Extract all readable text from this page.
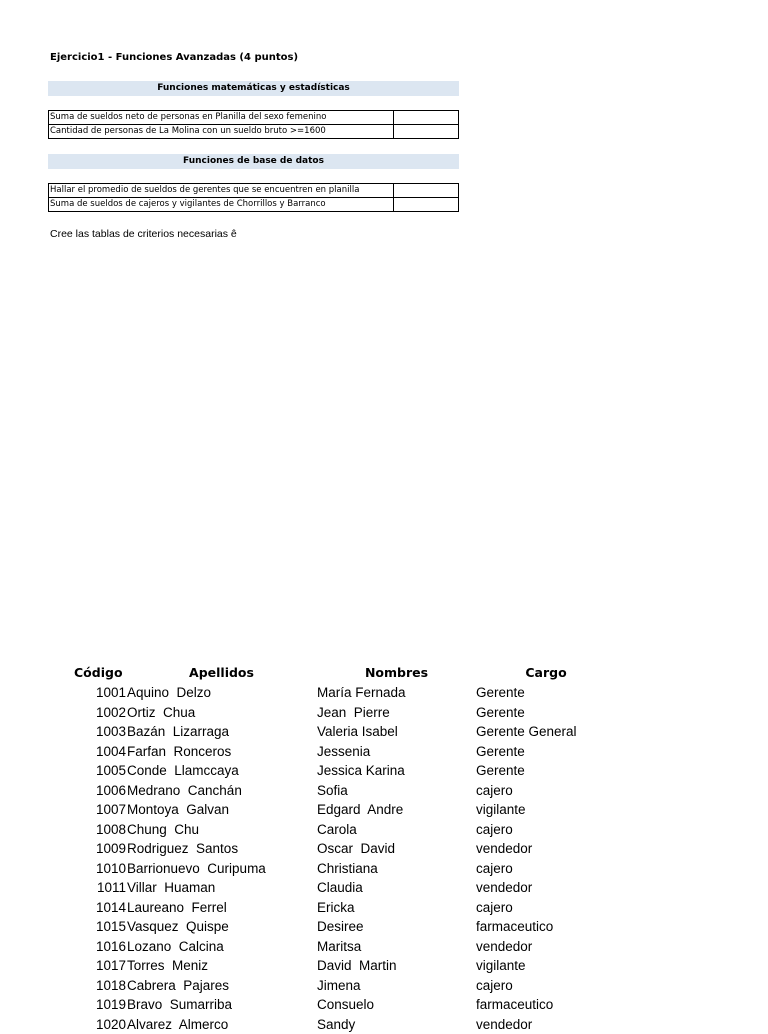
Ejercicio1 - Funciones Avanzadas (4 puntos)
Funciones matemáticas y estadísticas
Suma de sueldos neto de personas en Planilla del sexo femenino	
Cantidad de personas de La Molina con un sueldo bruto >=1600	
Funciones de base de datos
Hallar el promedio de sueldos de gerentes que se encuentren en planilla	
Suma de sueldos de cajeros y vigilantes de Chorrillos y Barranco	
Cree las tablas de criterios necesarias ê
Código	Apellidos	Nombres	Cargo
1001	Aquino  Delzo	María Fernada	Gerente
1002	Ortiz  Chua	Jean  Pierre	Gerente
1003	Bazán  Lizarraga	Valeria Isabel	Gerente General
1004	Farfan  Ronceros	Jessenia	Gerente
1005	Conde  Llamccaya	Jessica Karina	Gerente
1006	Medrano  Canchán	Sofia	cajero
1007	Montoya  Galvan	Edgard  Andre	vigilante
1008	Chung  Chu	Carola	cajero
1009	Rodriguez  Santos	Oscar  David	vendedor
1010	Barrionuevo  Curipuma	Christiana	cajero
1011	Villar  Huaman	Claudia	vendedor
1014	Laureano  Ferrel	Ericka	cajero
1015	Vasquez  Quispe	Desiree	farmaceutico
1016	Lozano  Calcina	Maritsa	vendedor
1017	Torres  Meniz	David  Martin	vigilante
1018	Cabrera  Pajares	Jimena	cajero
1019	Bravo  Sumarriba	Consuelo	farmaceutico
1020	Alvarez  Almerco	Sandy	vendedor
